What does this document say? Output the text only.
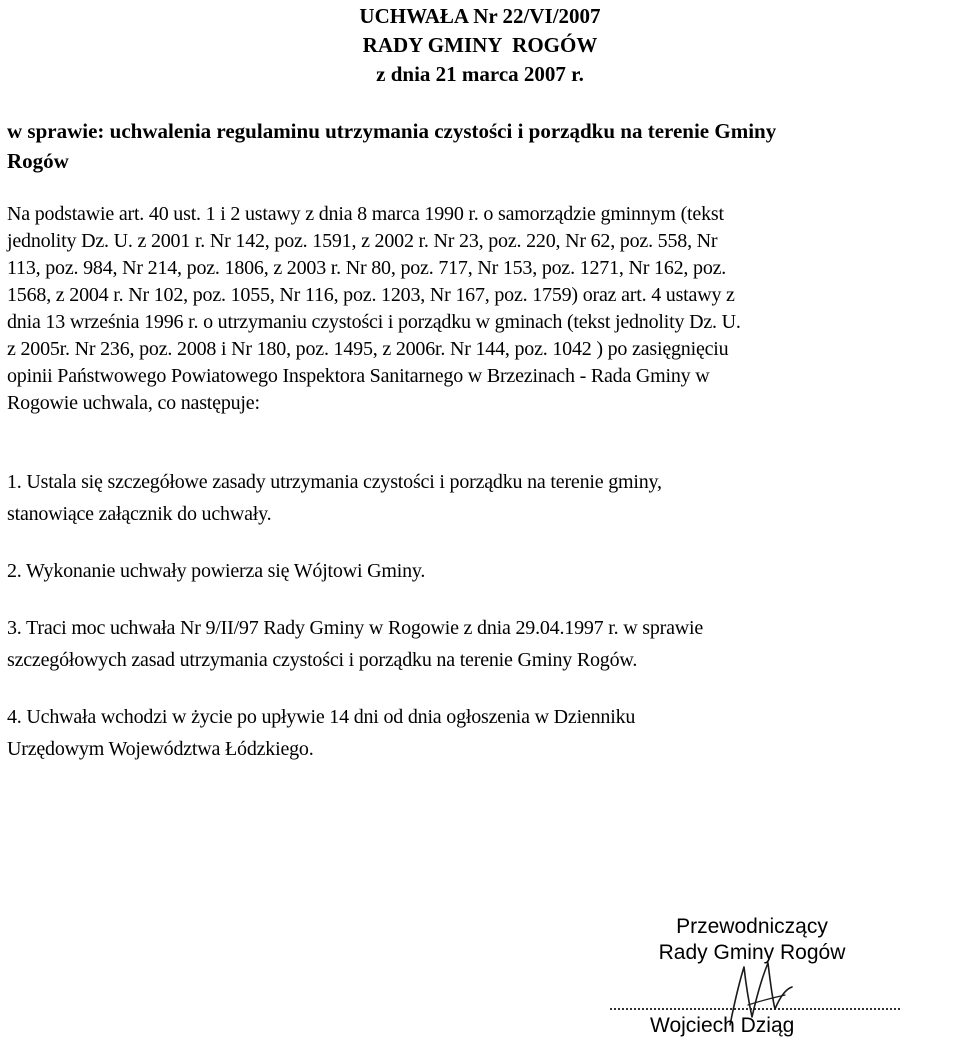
UCHWAŁA Nr 22/VI/2007
RADY GMINY  ROGÓW
z dnia 21 marca 2007 r.
w sprawie: uchwalenia regulaminu utrzymania czystości i porządku na terenie Gminy
Rogów
Na podstawie art. 40 ust. 1 i 2 ustawy z dnia 8 marca 1990 r. o samorządzie gminnym (tekst
jednolity Dz. U. z 2001 r. Nr 142, poz. 1591, z 2002 r. Nr 23, poz. 220, Nr 62, poz. 558, Nr
113, poz. 984, Nr 214, poz. 1806, z 2003 r. Nr 80, poz. 717, Nr 153, poz. 1271, Nr 162, poz.
1568, z 2004 r. Nr 102, poz. 1055, Nr 116, poz. 1203, Nr 167, poz. 1759) oraz art. 4 ustawy z
dnia 13 września 1996 r. o utrzymaniu czystości i porządku w gminach (tekst jednolity Dz. U.
z 2005r. Nr 236, poz. 2008 i Nr 180, poz. 1495, z 2006r. Nr 144, poz. 1042 ) po zasięgnięciu
opinii Państwowego Powiatowego Inspektora Sanitarnego w Brzezinach - Rada Gminy w
Rogowie uchwala, co następuje:
1. Ustala się szczegółowe zasady utrzymania czystości i porządku na terenie gminy,
stanowiące załącznik do uchwały.
2. Wykonanie uchwały powierza się Wójtowi Gminy.
3. Traci moc uchwała Nr 9/II/97 Rady Gminy w Rogowie z dnia 29.04.1997 r. w sprawie
szczegółowych zasad utrzymania czystości i porządku na terenie Gminy Rogów.
4. Uchwała wchodzi w życie po upływie 14 dni od dnia ogłoszenia w Dzienniku
Urzędowym Województwa Łódzkiego.
Przewodniczący
Rady Gminy Rogów
Wojciech Dziąg
